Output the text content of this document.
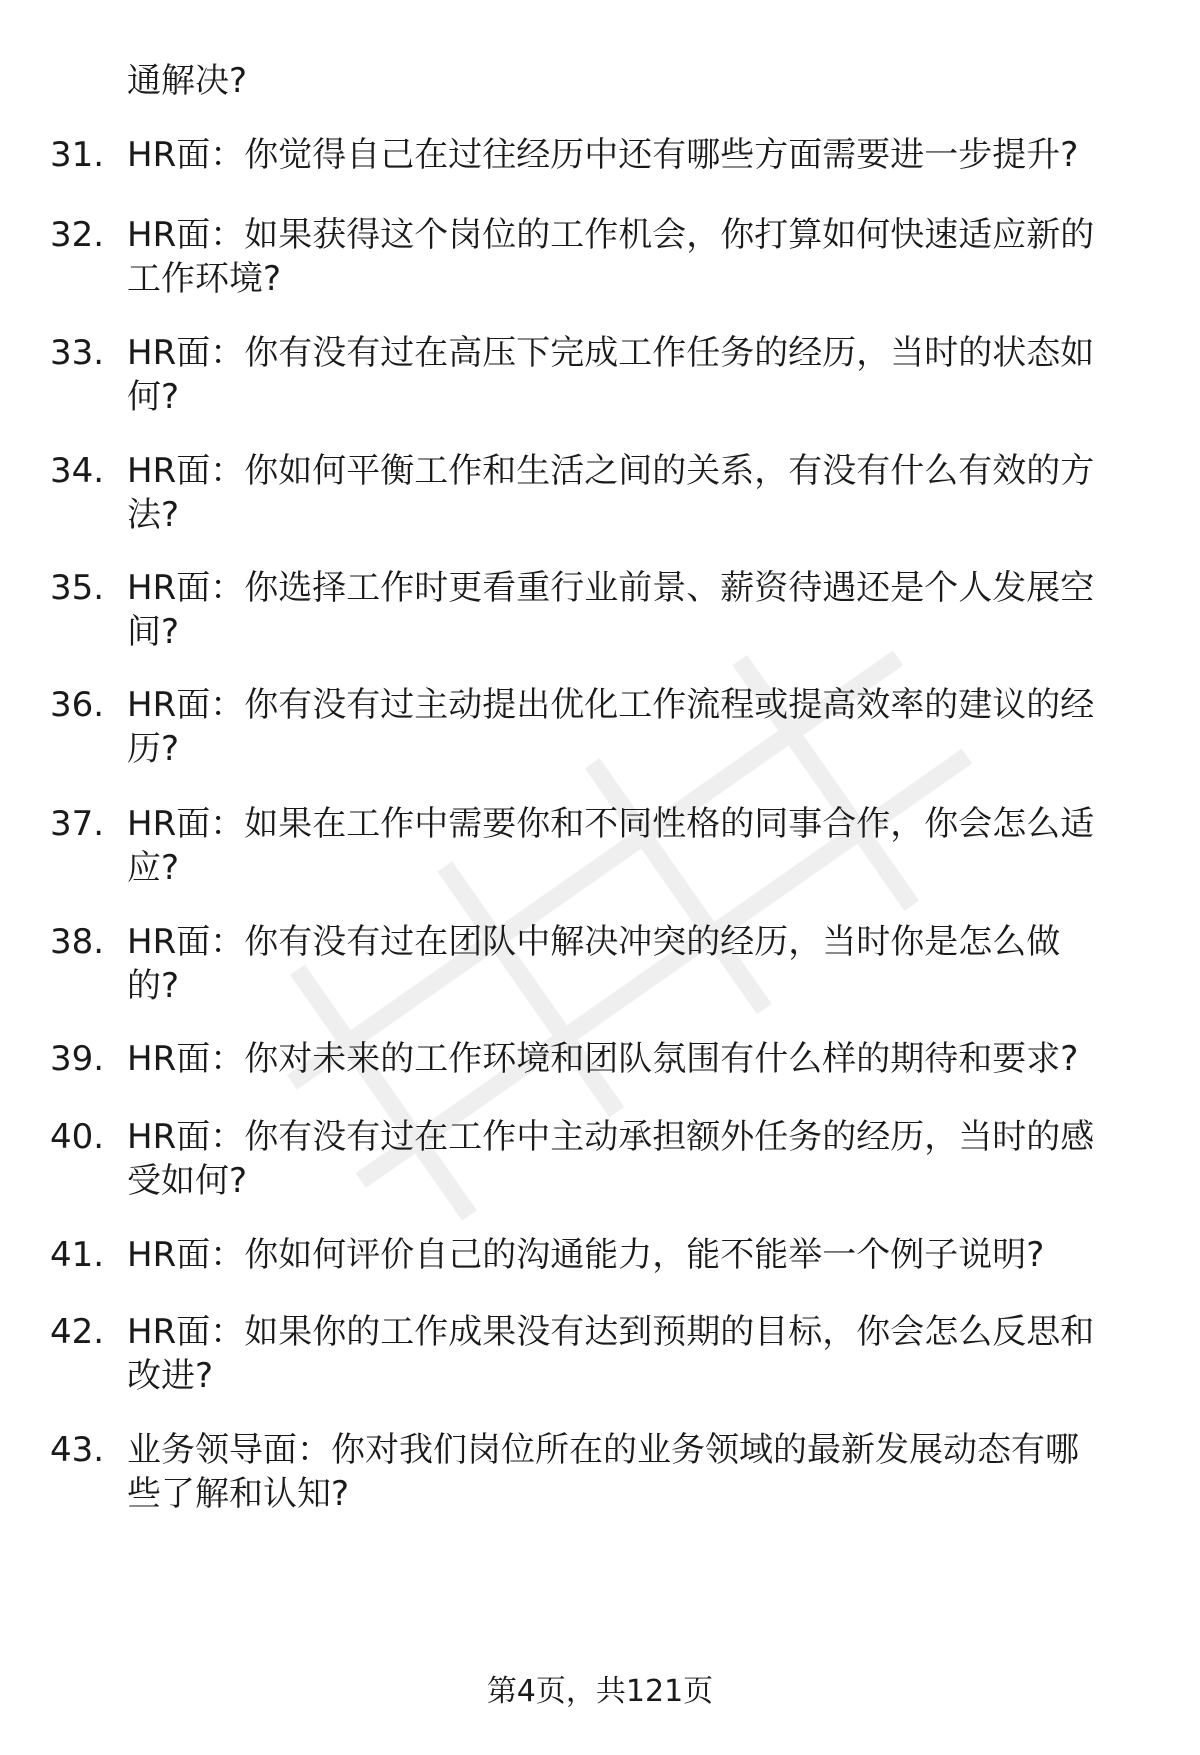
通解决?
31. HR面：你觉得自己在过往经历中还有哪些方面需要进一步提升?
32. HR面：如果获得这个岗位的工作机会，你打算如何快速适应新的
工作环境?
33. HR面：你有没有过在高压下完成工作任务的经历，当时的状态如
何?
34. HR面：你如何平衡工作和生活之间的关系，有没有什么有效的方
法?
35. HR面：你选择工作时更看重行业前景、薪资待遇还是个人发展空
间?
36. HR面：你有没有过主动提出优化工作流程或提高效率的建议的经
历?
37. HR面：如果在工作中需要你和不同性格的同事合作，你会怎么适
应?
38. HR面：你有没有过在团队中解决冲突的经历，当时你是怎么做
的?
39. HR面：你对未来的工作环境和团队氛围有什么样的期待和要求?
40. HR面：你有没有过在工作中主动承担额外任务的经历，当时的感
受如何?
41. HR面：你如何评价自己的沟通能力，能不能举一个例子说明?
42. HR面：如果你的工作成果没有达到预期的目标，你会怎么反思和
改进?
43. 业务领导面：你对我们岗位所在的业务领域的最新发展动态有哪
些了解和认知?
第4页，共121页
